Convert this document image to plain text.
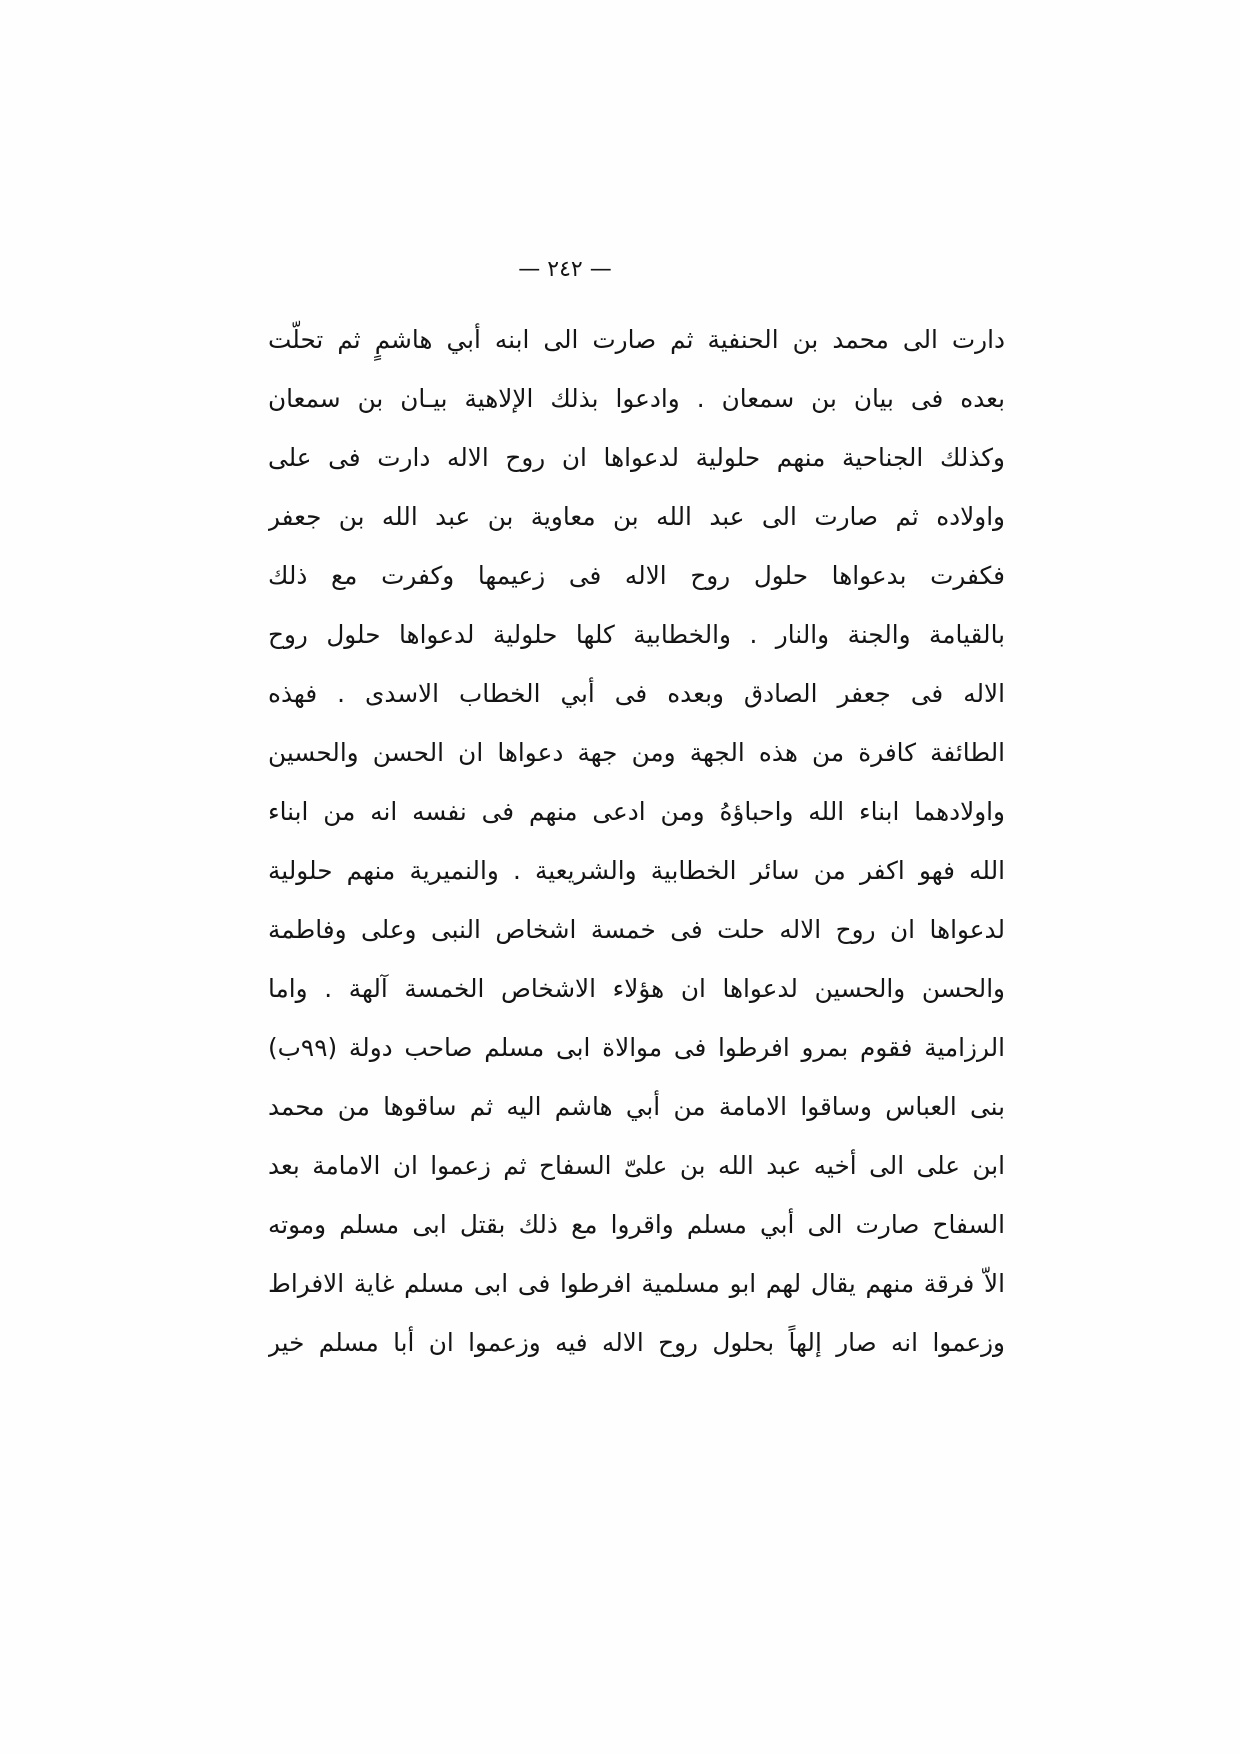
— ٢٤٢ —
دارت الى محمد بن الحنفية ثم صارت الى ابنه أبي هاشمٍ ثم تحلّت
بعده فى بيان بن سمعان . وادعوا بذلك الإلاهية بيـان بن سمعان
وكذلك الجناحية منهم حلولية لدعواها ان روح الاله دارت فى على
واولاده ثم صارت الى عبد الله بن معاوية بن عبد الله بن جعفر
فكفرت بدعواها حلول روح الاله فى زعيمها وكفرت مع ذلك
بالقيامة والجنة والنار . والخطابية كلها حلولية لدعواها حلول روح
الاله فى جعفر الصادق وبعده فى أبي الخطاب الاسدى . فهذه
الطائفة كافرة من هذه الجهة ومن جهة دعواها ان الحسن والحسين
واولادهما ابناء الله واحباؤهُ ومن ادعى منهم فى نفسه انه من ابناء
الله فهو اكفر من سائر الخطابية والشريعية . والنميرية منهم حلولية
لدعواها ان روح الاله حلت فى خمسة اشخاص النبى وعلى وفاطمة
والحسن والحسين لدعواها ان هؤلاء الاشخاص الخمسة آلهة . واما
الرزامية فقوم بمرو افرطوا فى موالاة ابى مسلم صاحب دولة (٩٩ب)
بنى العباس وساقوا الامامة من أبي هاشم اليه ثم ساقوها من محمد
ابن على الى أخيه عبد الله بن علىّ السفاح ثم زعموا ان الامامة بعد
السفاح صارت الى أبي مسلم واقروا مع ذلك بقتل ابى مسلم وموته
الاّ فرقة منهم يقال لهم ابو مسلمية افرطوا فى ابى مسلم غاية الافراط
وزعموا انه صار إلهاً بحلول روح الاله فيه وزعموا ان أبا مسلم خير
